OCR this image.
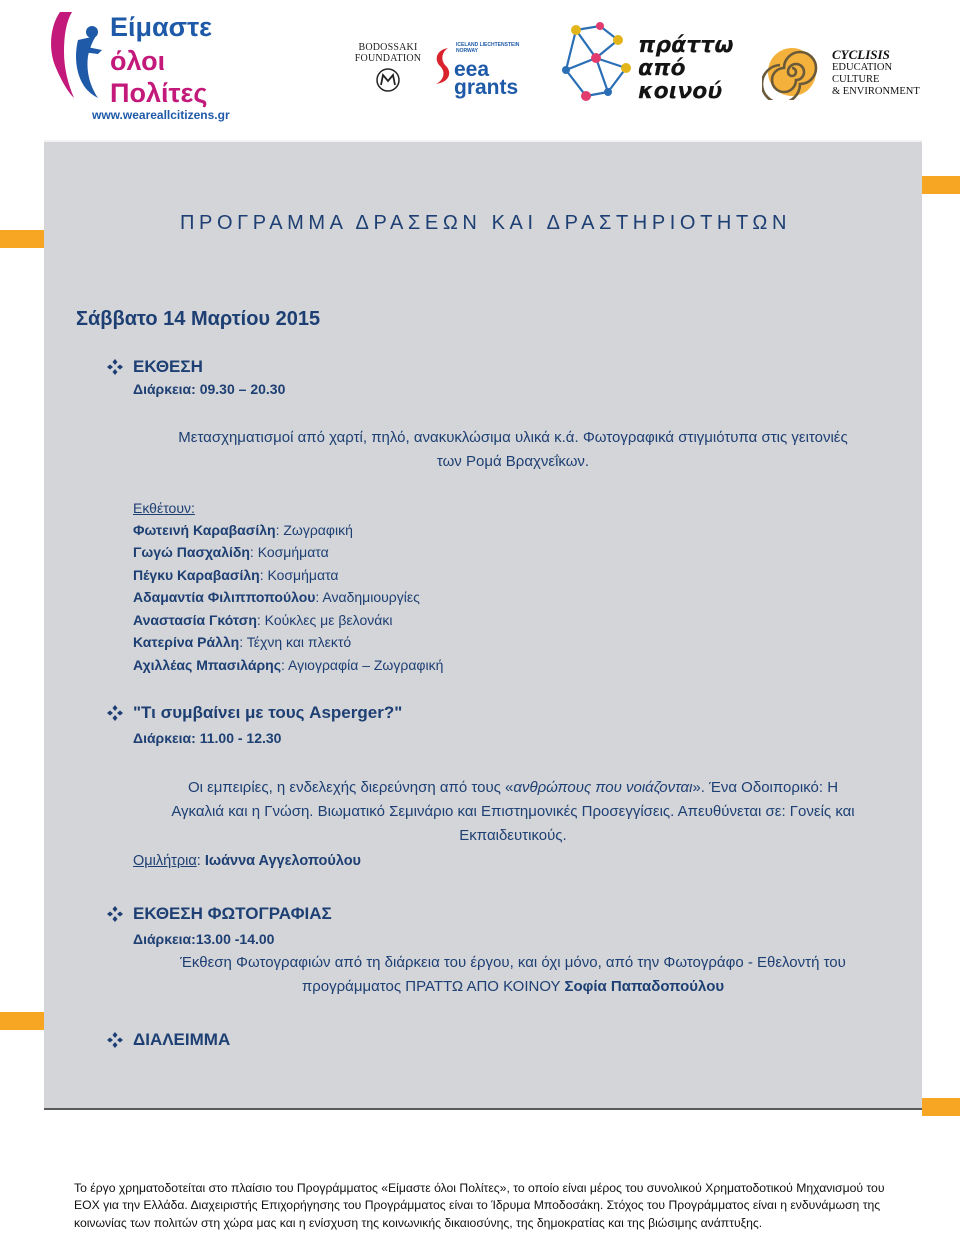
Είμαστε
όλοι
Πολίτες
www.weareallcitizens.gr
BODOSSAKI
FOUNDATION
ICELAND LIECHTENSTEIN NORWAY
eea
grants
πράττω
από
κοινού
CYCLISIS
EDUCATION
CULTURE
& ENVIRONMENT
ΠΡΟΓΡΑΜΜΑ ΔΡΑΣΕΩΝ ΚΑΙ ΔΡΑΣΤΗΡΙΟΤΗΤΩΝ
Σάββατο 14 Μαρτίου 2015
ΕΚΘΕΣΗ
Διάρκεια: 09.30 – 20.30
Μετασχηματισμοί από χαρτί, πηλό, ανακυκλώσιμα υλικά κ.ά. Φωτογραφικά στιγμιότυπα στις γειτονιές
των Ρομά Βραχνεΐκων.
Εκθέτουν:
Φωτεινή Καραβασίλη: Ζωγραφική
Γωγώ Πασχαλίδη: Κοσμήματα
Πέγκυ Καραβασίλη: Κοσμήματα
Αδαμαντία Φιλιπποπούλου: Αναδημιουργίες
Αναστασία Γκότση: Κούκλες με βελονάκι
Κατερίνα Ράλλη: Τέχνη και πλεκτό
Αχιλλέας Μπασιλάρης: Αγιογραφία – Ζωγραφική
"Τι συμβαίνει με τους Asperger?"
Διάρκεια: 11.00 - 12.30
Οι εμπειρίες, η ενδελεχής διερεύνηση από τους «ανθρώπους που νοιάζονται». Ένα Οδοιπορικό: Η
Αγκαλιά και η Γνώση. Βιωματικό Σεμινάριο και Επιστημονικές Προσεγγίσεις. Απευθύνεται σε: Γονείς και
Εκπαιδευτικούς.
Ομιλήτρια: Ιωάννα Αγγελοπούλου
ΕΚΘΕΣΗ ΦΩΤΟΓΡΑΦΙΑΣ
Διάρκεια:13.00 -14.00
Έκθεση Φωτογραφιών από τη διάρκεια του έργου, και όχι μόνο, από την Φωτογράφο - Εθελοντή του
προγράμματος ΠΡΑΤΤΩ ΑΠΟ ΚΟΙΝΟΥ Σοφία Παπαδοπούλου
ΔΙΑΛΕΙΜΜΑ
Το έργο χρηματοδοτείται στο πλαίσιο του Προγράμματος «Είμαστε όλοι Πολίτες», το οποίο είναι μέρος του συνολικού Χρηματοδοτικού Μηχανισμού του ΕΟΧ για την Ελλάδα. Διαχειριστής Επιχορήγησης του Προγράμματος είναι το Ίδρυμα Μποδοσάκη. Στόχος του Προγράμματος είναι η ενδυνάμωση της κοινωνίας των πολιτών στη χώρα μας και η ενίσχυση της κοινωνικής δικαιοσύνης, της δημοκρατίας και της βιώσιμης ανάπτυξης.
